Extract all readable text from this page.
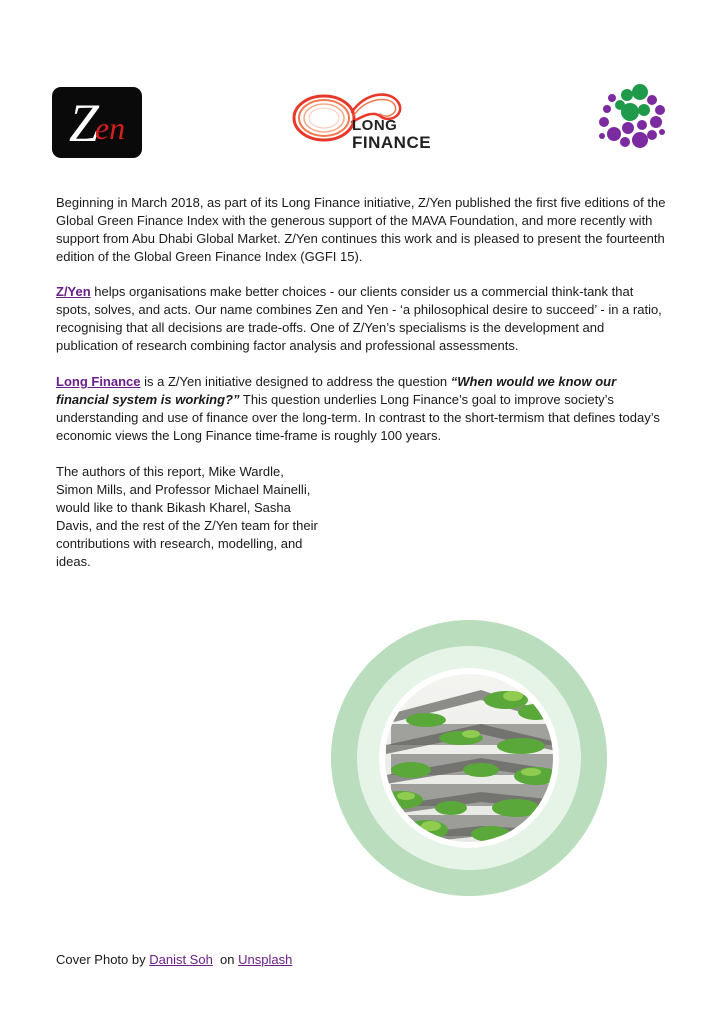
Z
en	LONG
FINANCE

Beginning in March 2018, as part of its Long Finance initiative, Z/Yen published the first five editions of the Global Green Finance Index with the generous support of the MAVA Foundation, and more recently with support from Abu Dhabi Global Market. Z/Yen continues this work and is pleased to present the fourteenth edition of the Global Green Finance Index (GGFI 15).

Z/Yen helps organisations make better choices - our clients consider us a commercial think-tank that spots, solves, and acts. Our name combines Zen and Yen - ‘a philosophical desire to succeed’ - in a ratio, recognising that all decisions are trade-offs. One of Z/Yen’s specialisms is the development and publication of research combining factor analysis and professional assessments.

Long Finance is a Z/Yen initiative designed to address the question “When would we know our financial system is working?” This question underlies Long Finance’s goal to improve society’s understanding and use of finance over the long-term. In contrast to the short-termism that defines today’s economic views the Long Finance time-frame is roughly 100 years.

The authors of this report, Mike Wardle, Simon Mills, and Professor Michael Mainelli, would like to thank Bikash Kharel, Sasha Davis, and the rest of the Z/Yen team for their contributions with research, modelling, and ideas.

Cover Photo by Danist Soh  on Unsplash
